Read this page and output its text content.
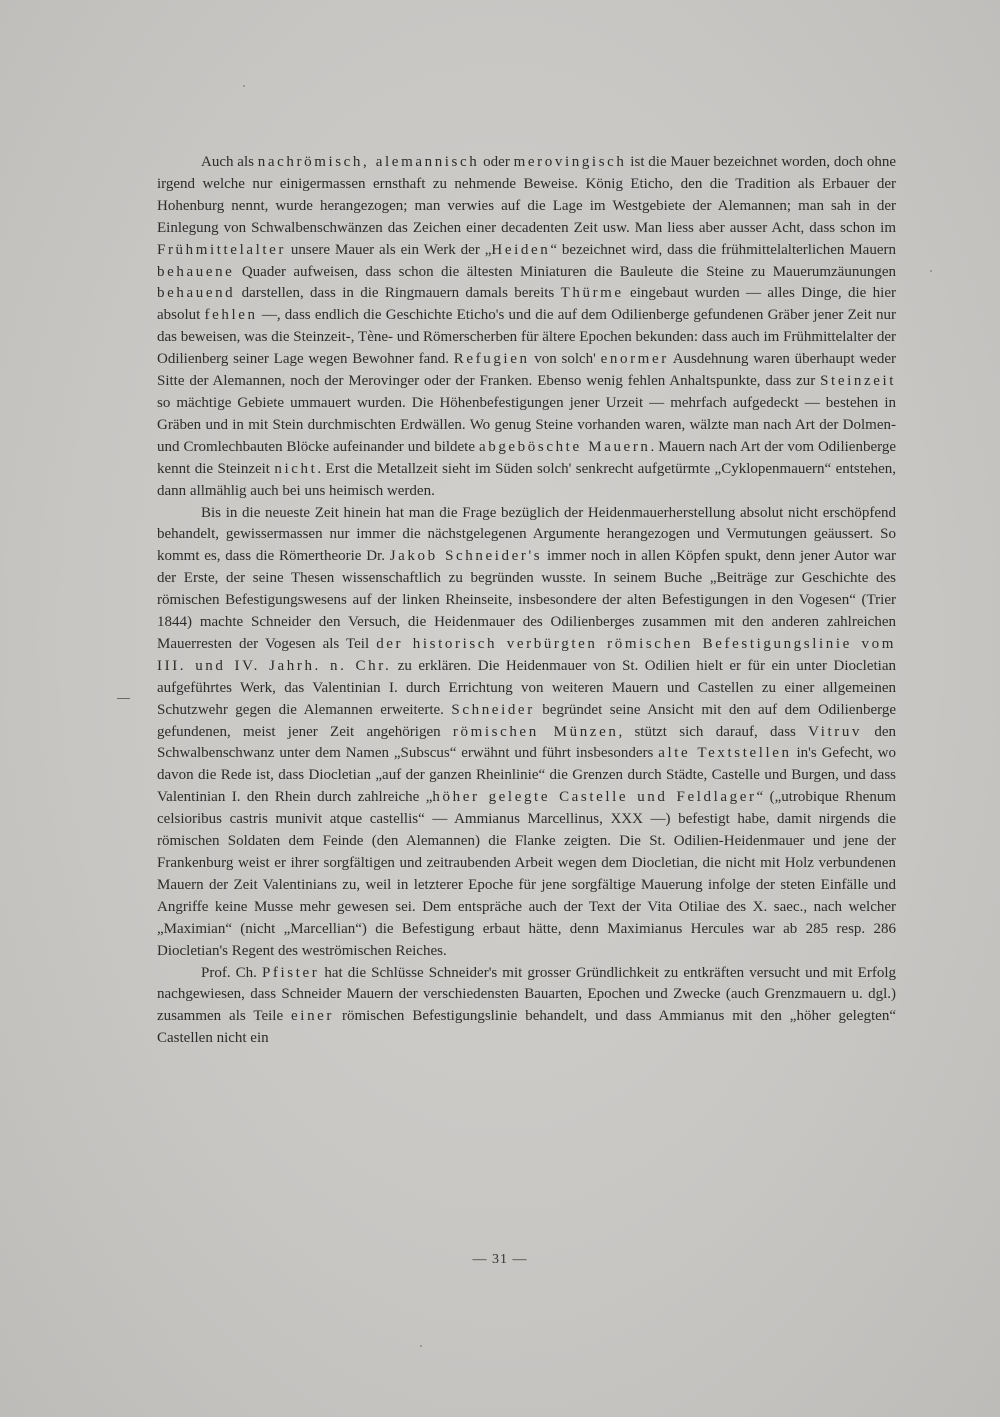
Auch als nachrömisch, alemannisch oder merovingisch ist die Mauer bezeichnet worden, doch ohne irgend welche nur einigermassen ernsthaft zu nehmende Beweise. König Eticho, den die Tradition als Erbauer der Hohenburg nennt, wurde herangezogen; man verwies auf die Lage im Westgebiete der Alemannen; man sah in der Einlegung von Schwalbenschwänzen das Zeichen einer decadenten Zeit usw. Man liess aber ausser Acht, dass schon im Frühmittelalter unsere Mauer als ein Werk der „Heiden“ bezeichnet wird, dass die frühmittelalterlichen Mauern behauene Quader aufweisen, dass schon die ältesten Miniaturen die Bauleute die Steine zu Mauerumzäunungen behauend darstellen, dass in die Ringmauern damals bereits Thürme eingebaut wurden — alles Dinge, die hier absolut fehlen —, dass endlich die Geschichte Eticho's und die auf dem Odilienberge gefundenen Gräber jener Zeit nur das beweisen, was die Steinzeit-, Tène- und Römerscherben für ältere Epochen bekunden: dass auch im Frühmittelalter der Odilienberg seiner Lage wegen Bewohner fand. Refugien von solch' enormer Ausdehnung waren überhaupt weder Sitte der Alemannen, noch der Merovinger oder der Franken. Ebenso wenig fehlen Anhaltspunkte, dass zur Steinzeit so mächtige Gebiete ummauert wurden. Die Höhenbefestigungen jener Urzeit — mehrfach aufgedeckt — bestehen in Gräben und in mit Stein durchmischten Erdwällen. Wo genug Steine vorhanden waren, wälzte man nach Art der Dolmen- und Cromlechbauten Blöcke aufeinander und bildete abgeböschte Mauern. Mauern nach Art der vom Odilienberge kennt die Steinzeit nicht. Erst die Metallzeit sieht im Süden solch' senkrecht aufgetürmte „Cyklopenmauern“ entstehen, dann allmählig auch bei uns heimisch werden.

Bis in die neueste Zeit hinein hat man die Frage bezüglich der Heidenmauerherstellung absolut nicht erschöpfend behandelt, gewissermassen nur immer die nächstgelegenen Argumente herangezogen und Vermutungen geäussert. So kommt es, dass die Römertheorie Dr. Jakob Schneider's immer noch in allen Köpfen spukt, denn jener Autor war der Erste, der seine Thesen wissenschaftlich zu begründen wusste. In seinem Buche „Beiträge zur Geschichte des römischen Befestigungswesens auf der linken Rheinseite, insbesondere der alten Befestigungen in den Vogesen“ (Trier 1844) machte Schneider den Versuch, die Heidenmauer des Odilienberges zusammen mit den anderen zahlreichen Mauerresten der Vogesen als Teil der historisch verbürgten römischen Befestigungslinie vom III. und IV. Jahrh. n. Chr. zu erklären. Die Heidenmauer von St. Odilien hielt er für ein unter Diocletian aufgeführtes Werk, das Valentinian I. durch Errichtung von weiteren Mauern und Castellen zu einer allgemeinen Schutzwehr gegen die Alemannen erweiterte. Schneider begründet seine Ansicht mit den auf dem Odilienberge gefundenen, meist jener Zeit angehörigen römischen Münzen, stützt sich darauf, dass Vitruv den Schwalbenschwanz unter dem Namen „Subscus“ erwähnt und führt insbesonders alte Textstellen in's Gefecht, wo davon die Rede ist, dass Diocletian „auf der ganzen Rheinlinie“ die Grenzen durch Städte, Castelle und Burgen, und dass Valentinian I. den Rhein durch zahlreiche „höher gelegte Castelle und Feldlager“ („utrobique Rhenum celsioribus castris munivit atque castellis“ — Ammianus Marcellinus, XXX —) befestigt habe, damit nirgends die römischen Soldaten dem Feinde (den Alemannen) die Flanke zeigten. Die St. Odilien-Heidenmauer und jene der Frankenburg weist er ihrer sorgfältigen und zeitraubenden Arbeit wegen dem Diocletian, die nicht mit Holz verbundenen Mauern der Zeit Valentinians zu, weil in letzterer Epoche für jene sorgfältige Mauerung infolge der steten Einfälle und Angriffe keine Musse mehr gewesen sei. Dem entspräche auch der Text der Vita Otiliae des X. saec., nach welcher „Maximian“ (nicht „Marcellian“) die Befestigung erbaut hätte, denn Maximianus Hercules war ab 285 resp. 286 Diocletian's Regent des weströmischen Reiches.

Prof. Ch. Pfister hat die Schlüsse Schneider's mit grosser Gründlichkeit zu entkräften versucht und mit Erfolg nachgewiesen, dass Schneider Mauern der verschiedensten Bauarten, Epochen und Zwecke (auch Grenzmauern u. dgl.) zusammen als Teile einer römischen Befestigungslinie behandelt, und dass Ammianus mit den „höher gelegten“ Castellen nicht ein

— 31 —
